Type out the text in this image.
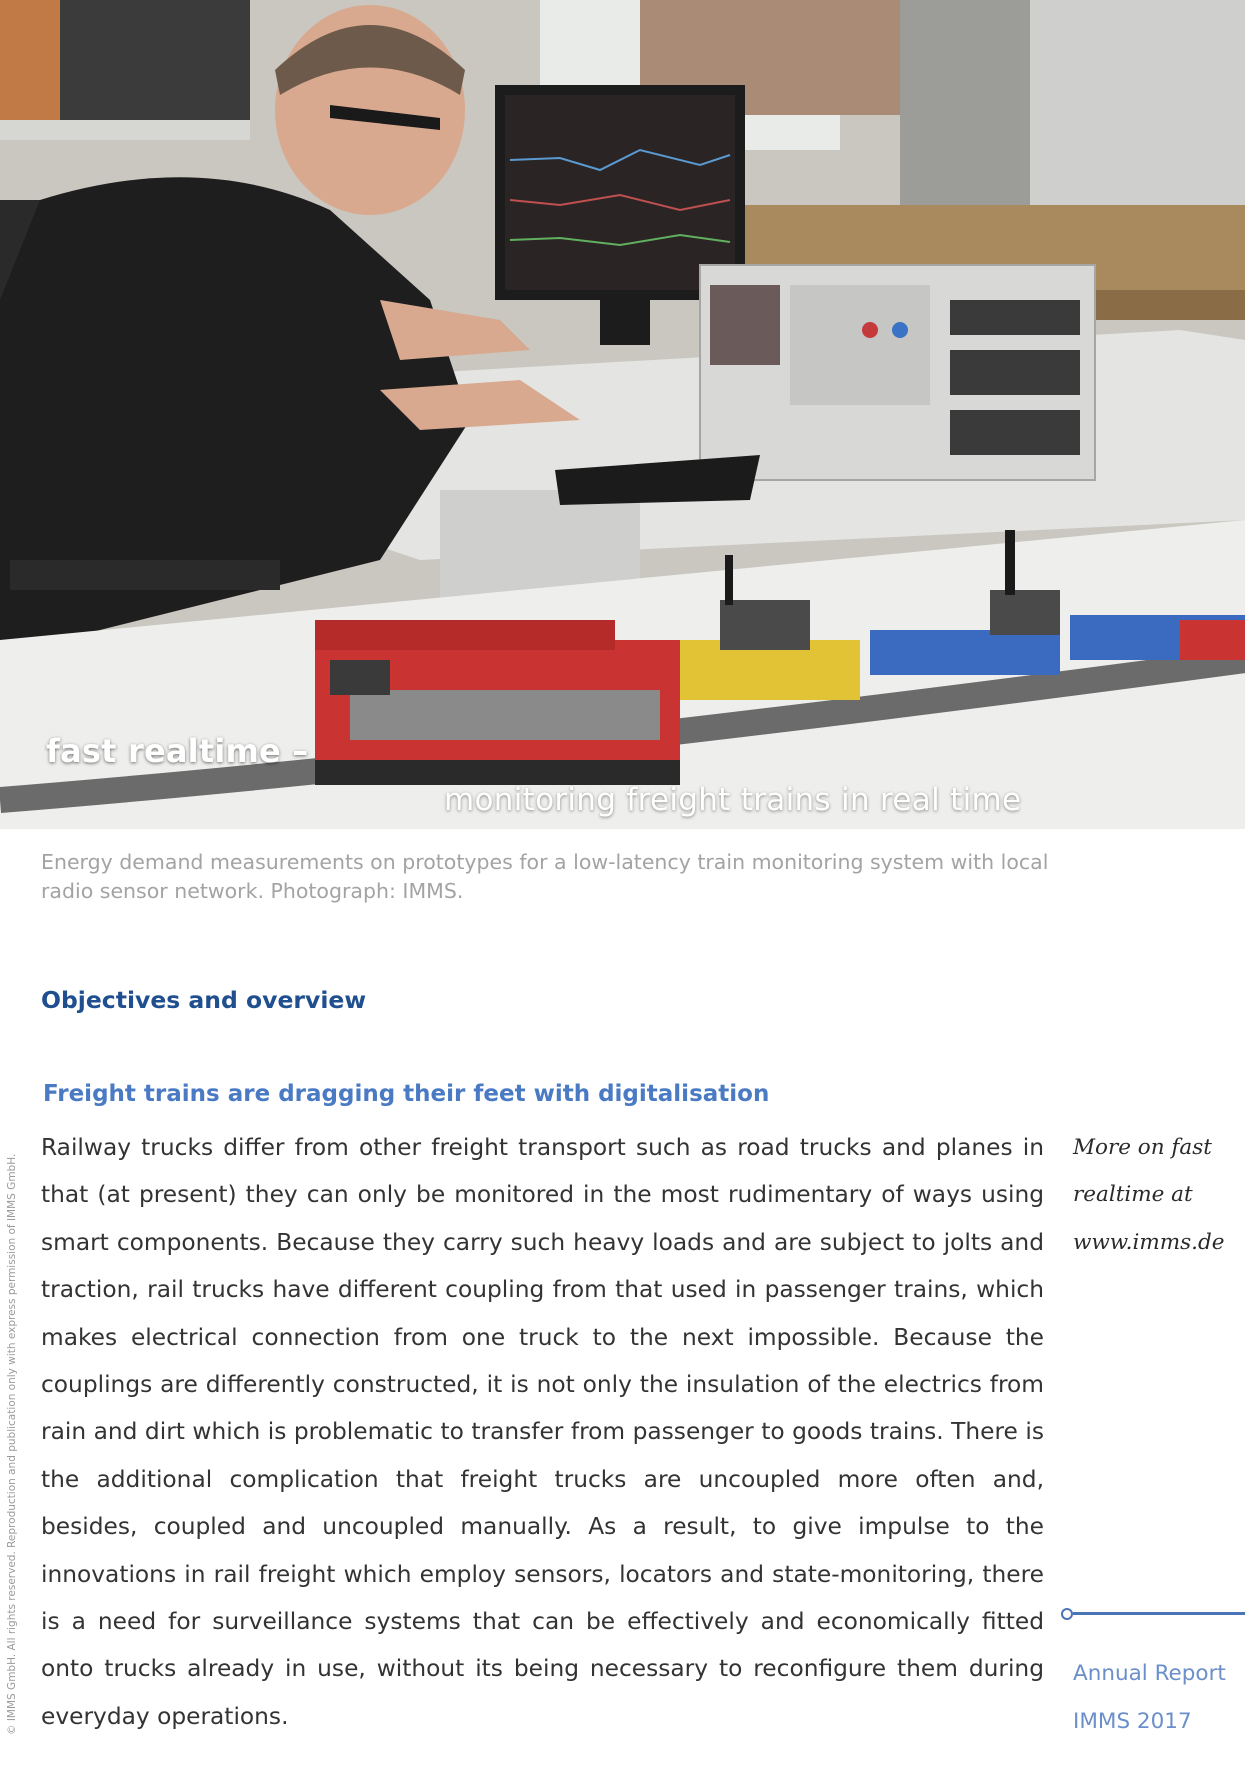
fast realtime –
monitoring freight trains in real time
Energy demand measurements on prototypes for a low-latency train monitoring system with local radio sensor network. Photograph: IMMS.
© IMMS GmbH. All rights reserved. Reproduction and publication only with express permission of IMMS GmbH.
Objectives and overview
Freight trains are dragging their feet with digitalisation

Railway trucks differ from other freight transport such as road trucks and planes in that (at present) they can only be monitored in the most rudimentary of ways using smart components. Because they carry such heavy loads and are subject to jolts and traction, rail trucks have different coupling from that used in passenger trains, which makes electrical connection from one truck to the next impossible. Because the couplings are differently constructed, it is not only the insulation of the electrics from rain and dirt which is problematic to transfer from passenger to goods trains. There is the additional complication that freight trucks are uncoupled more often and, besides, coupled and uncoupled manually. As a result, to give impulse to the innovations in rail freight which employ sensors, locators and state-monitoring, there is a need for surveillance systems that can be effectively and economically fitted onto trucks already in use, without its being necessary to reconfigure them during everyday operations.

More on fast
realtime at
www.imms.de
Annual Report
IMMS 2017
